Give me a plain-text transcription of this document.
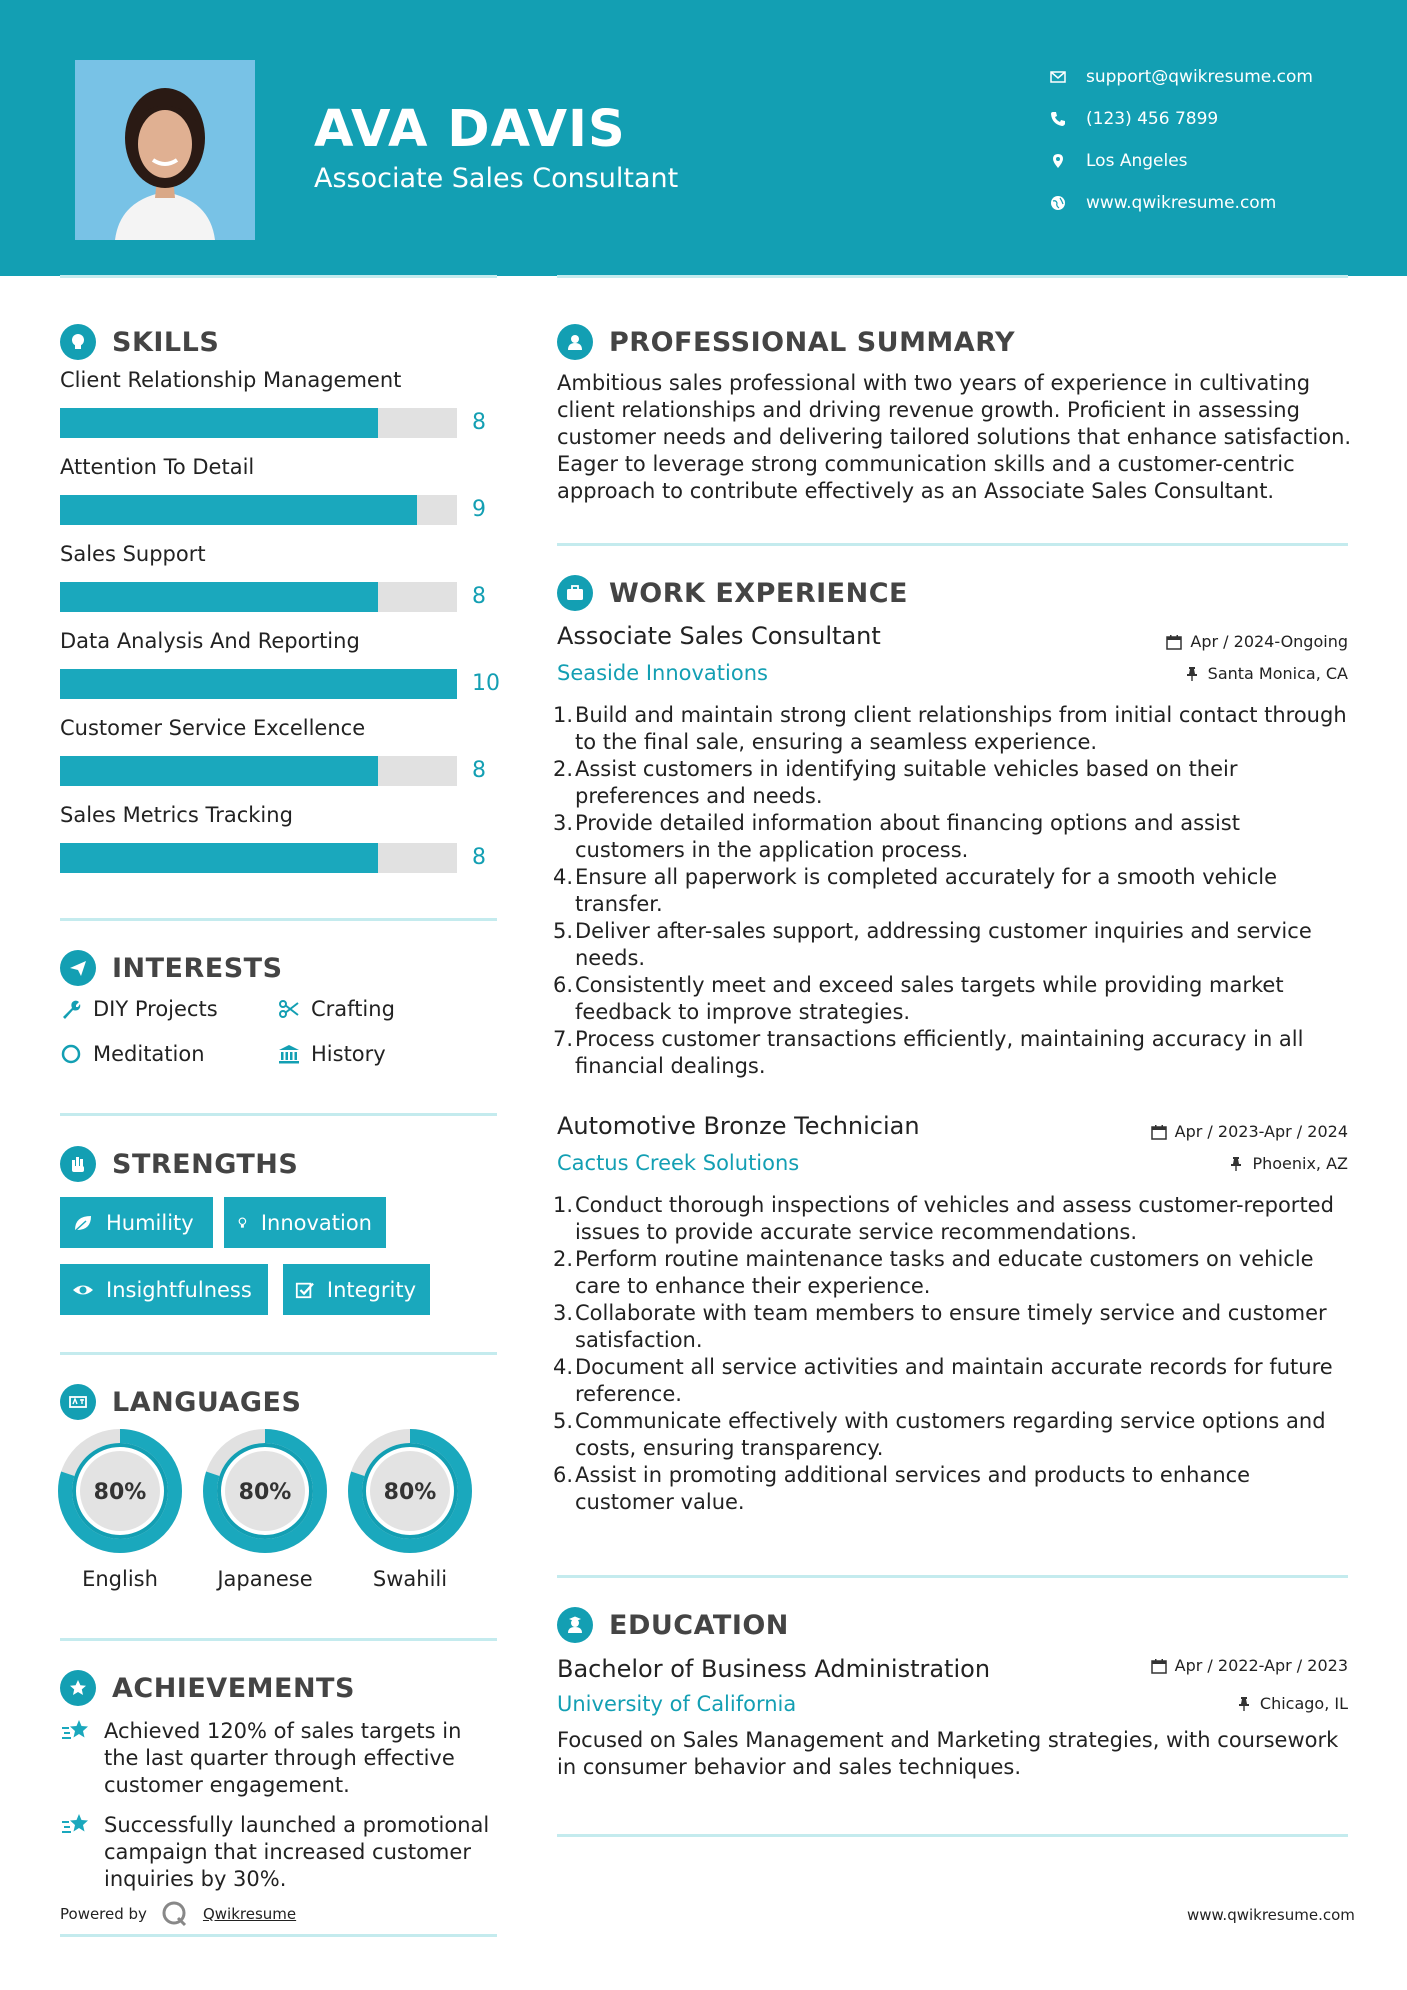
AVA DAVIS
Associate Sales Consultant
support@qwikresume.com
(123) 456 7899
Los Angeles
www.qwikresume.com
SKILLS
Client Relationship Management
8
Attention To Detail
9
Sales Support
8
Data Analysis And Reporting
10
Customer Service Excellence
8
Sales Metrics Tracking
8
INTERESTS
DIY Projects	Crafting
Meditation	History
STRENGTHS
Humility	Innovation
Insightfulness	Integrity
LANGUAGES
80%
English
80%
Japanese
80%
Swahili
ACHIEVEMENTS
Achieved 120% of sales targets in the last quarter through effective customer engagement.
Successfully launched a promotional campaign that increased customer inquiries by 30%.
Powered by	Qwikresume
PROFESSIONAL SUMMARY
Ambitious sales professional with two years of experience in cultivating client relationships and driving revenue growth. Proficient in assessing customer needs and delivering tailored solutions that enhance satisfaction. Eager to leverage strong communication skills and a customer-centric approach to contribute effectively as an Associate Sales Consultant.
WORK EXPERIENCE
Associate Sales Consultant	Apr / 2024-Ongoing
Seaside Innovations	Santa Monica, CA
1. Build and maintain strong client relationships from initial contact through to the final sale, ensuring a seamless experience.
2. Assist customers in identifying suitable vehicles based on their preferences and needs.
3. Provide detailed information about financing options and assist customers in the application process.
4. Ensure all paperwork is completed accurately for a smooth vehicle transfer.
5. Deliver after-sales support, addressing customer inquiries and service needs.
6. Consistently meet and exceed sales targets while providing market feedback to improve strategies.
7. Process customer transactions efficiently, maintaining accuracy in all financial dealings.
Automotive Bronze Technician	Apr / 2023-Apr / 2024
Cactus Creek Solutions	Phoenix, AZ
1. Conduct thorough inspections of vehicles and assess customer-reported issues to provide accurate service recommendations.
2. Perform routine maintenance tasks and educate customers on vehicle care to enhance their experience.
3. Collaborate with team members to ensure timely service and customer satisfaction.
4. Document all service activities and maintain accurate records for future reference.
5. Communicate effectively with customers regarding service options and costs, ensuring transparency.
6. Assist in promoting additional services and products to enhance customer value.
EDUCATION
Bachelor of Business Administration	Apr / 2022-Apr / 2023
University of California	Chicago, IL
Focused on Sales Management and Marketing strategies, with coursework in consumer behavior and sales techniques.
www.qwikresume.com
